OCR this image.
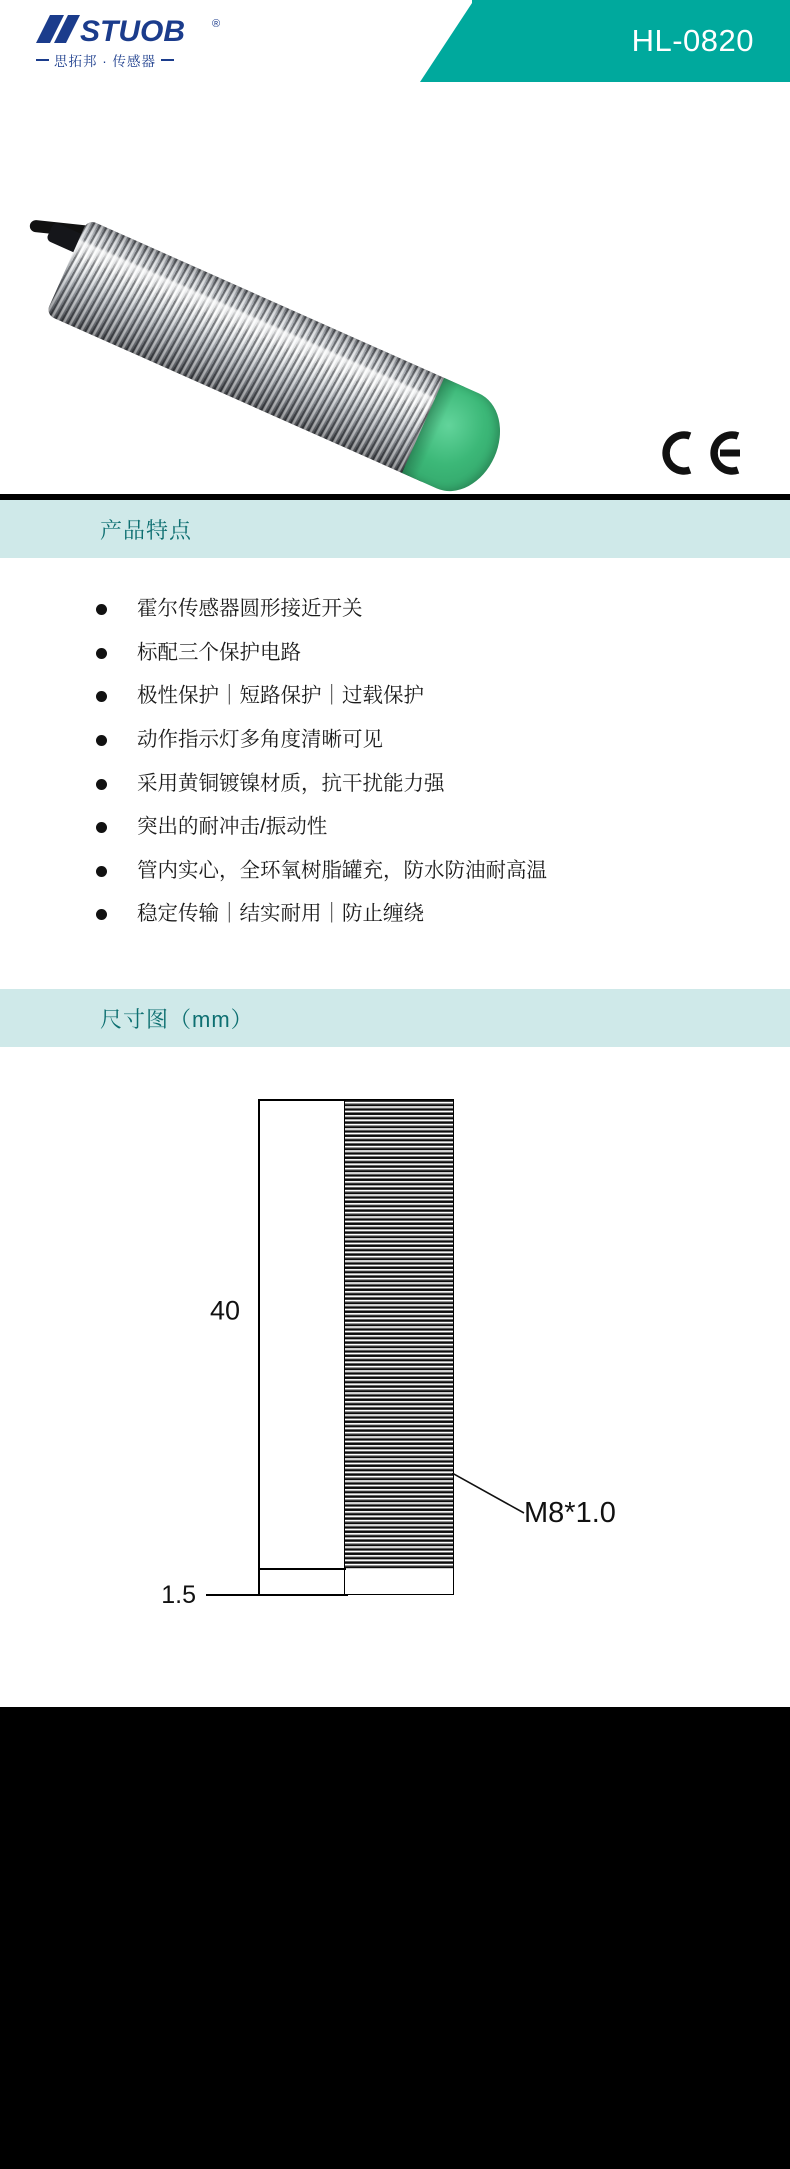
STUOB ®
思拓邦 · 传感器
HL-0820
产品特点
霍尔传感器圆形接近开关
标配三个保护电路
极性保护｜短路保护｜过载保护
动作指示灯多角度清晰可见
采用黄铜镀镍材质，抗干扰能力强
突出的耐冲击/振动性
管内实心，全环氧树脂罐充，防水防油耐高温
稳定传输｜结实耐用｜防止缠绕
尺寸图（mm）
40
1.5
M8*1.0
